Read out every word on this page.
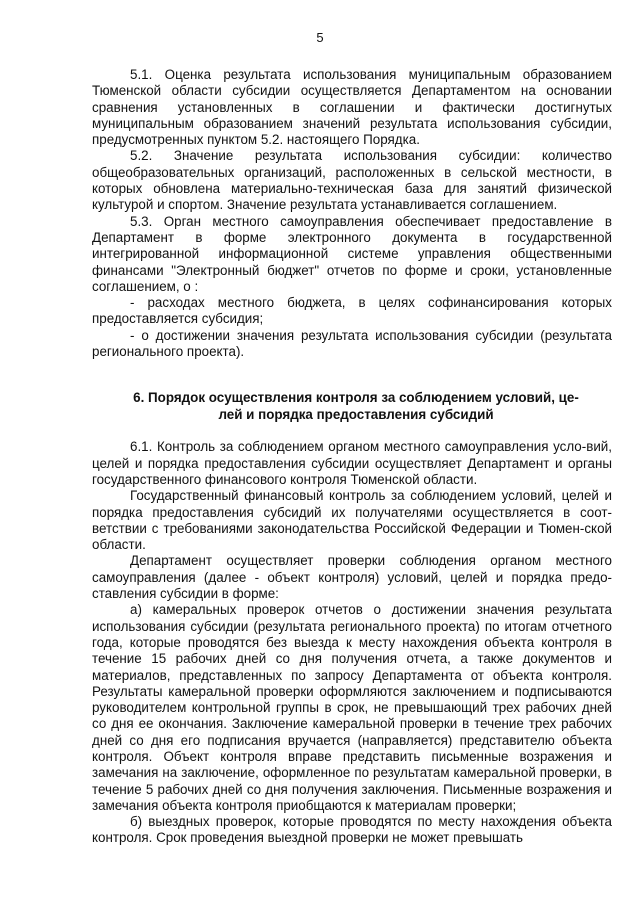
5

5.1. Оценка результата использования муниципальным образованием Тюменской области субсидии осуществляется Департаментом на основании сравнения установленных в соглашении и фактически достигнутых муниципальным образованием значений результата использования субсидии, предусмотренных пунктом 5.2. настоящего Порядка.

5.2. Значение результата использования субсидии: количество общеобразовательных организаций, расположенных в сельской местности, в которых обновлена материально-техническая база для занятий физической культурой и спортом. Значение результата устанавливается соглашением.

5.3. Орган местного самоуправления обеспечивает предоставление в Департамент в форме электронного документа в государственной интегрированной информационной системе управления общественными финансами "Электронный бюджет" отчетов по форме и сроки, установленные соглашением, о :

- расходах местного бюджета, в целях софинансирования которых предоставляется субсидия;

- о достижении значения результата использования субсидии (результата регионального проекта).

6. Порядок осуществления контроля за соблюдением условий, це-лей и порядка предоставления субсидий

6.1. Контроль за соблюдением органом местного самоуправления усло-вий, целей и порядка предоставления субсидии осуществляет Департамент и органы государственного финансового контроля Тюменской области.

Государственный финансовый контроль за соблюдением условий, целей и порядка предоставления субсидий их получателями осуществляется в соот-ветствии с требованиями законодательства Российской Федерации и Тюмен-ской области.

Департамент осуществляет проверки соблюдения органом местного самоуправления (далее - объект контроля) условий, целей и порядка предо-ставления субсидии в форме:

а) камеральных проверок отчетов о достижении значения результата использования субсидии (результата регионального проекта) по итогам отчетного года, которые проводятся без выезда к месту нахождения объекта контроля в течение 15 рабочих дней со дня получения отчета, а также документов и материалов, представленных по запросу Департамента от объекта контроля. Результаты камеральной проверки оформляются заключением и подписываются руководителем контрольной группы в срок, не превышающий трех рабочих дней со дня ее окончания. Заключение камеральной проверки в течение трех рабочих дней со дня его подписания вручается (направляется) представителю объекта контроля. Объект контроля вправе представить письменные возражения и замечания на заключение, оформленное по результатам камеральной проверки, в течение 5 рабочих дней со дня получения заключения. Письменные возражения и замечания объекта контроля приобщаются к материалам проверки;

б) выездных проверок, которые проводятся по месту нахождения объекта контроля. Срок проведения выездной проверки не может превышать
